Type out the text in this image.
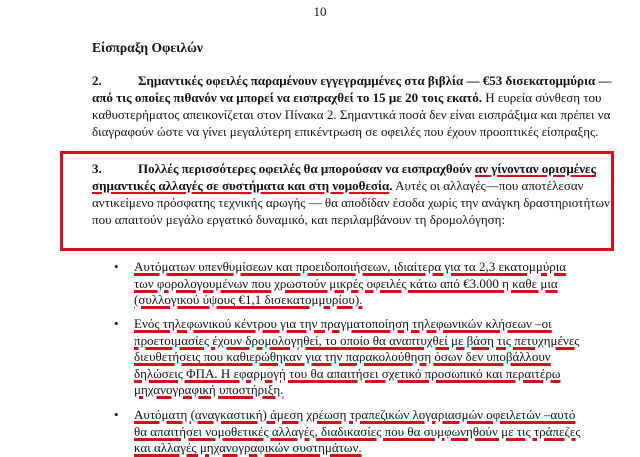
10
Είσπραξη Οφειλών

2.	Σημαντικές οφειλές παραμένουν εγγεγραμμένες στα βιβλία — €53 δισεκατομμύρια —από τις οποίες πιθανόν να μπορεί να εισπραχθεί το 15 με 20 τοις εκατό. Η ευρεία σύνθεση του καθυστερήματος απεικονίζεται στον Πίνακα 2. Σημαντικά ποσά δεν είναι εισπράξιμα και πρέπει να διαγραφούν ώστε να γίνει μεγαλύτερη επικέντρωση σε οφειλές που έχουν προοπτικές είσπραξης.

3.	Πολλές περισσότερες οφειλές θα μπορούσαν να εισπραχθούν αν γίνονταν ορισμένες σημαντικές αλλαγές σε συστήματα και στη νομοθεσία. Αυτές οι αλλαγές—που αποτέλεσαν αντικείμενο πρόσφατης τεχνικής αρωγής — θα αποδίδαν έσοδα χωρίς την ανάγκη δραστηριοτήτων που απαιτούν μεγάλο εργατικό δυναμικό, και περιλαμβάνουν τη δρομολόγηση:

• Αυτόματων υπενθυμίσεων και προειδοποιήσεων, ιδιαίτερα για τα 2,3 εκατομμύρια των φορολογουμένων που χρωστούν μικρές οφειλές κάτω από €3.000 η καθε μια (συλλογικού ύψους €1,1 δισεκατομμυρίου).
• Ενός τηλεφωνικού κέντρου για την πραγματοποίηση τηλεφωνικών κλήσεων –οι προετοιμασίες έχουν δρομολογηθεί, το οποίο θα αναπτυχθεί με βάση τις πετυχημένες διευθετήσεις που καθιερώθηκαν για την παρακολούθηση όσων δεν υποβάλλουν δηλώσεις ΦΠΑ. Η εφαρμογή του θα απαιτήσει σχετικό προσωπικό και περαιτέρω μηχανογραφική υποστήριξη.
• Αυτόματη (αναγκαστική) άμεση χρέωση τραπεζικών λογαριασμών οφειλετών –αυτό θα απαιτήσει νομοθετικές αλλαγές, διαδικασίες που θα συμφωνηθούν με τις τράπεζες και αλλαγές μηχανογραφικών συστημάτων.
